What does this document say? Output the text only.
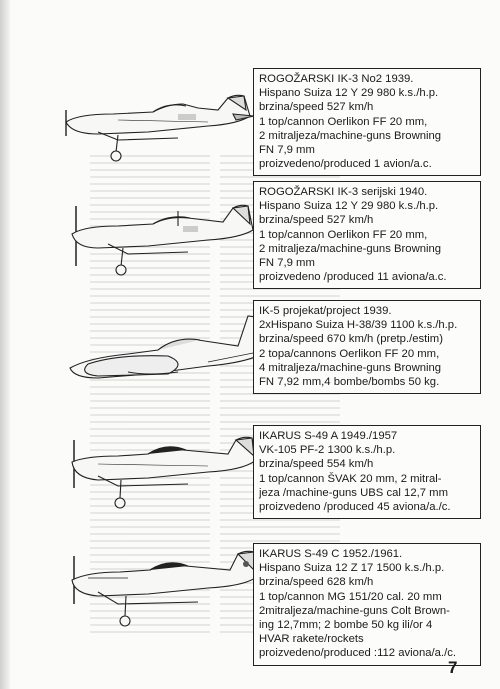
ROGOŽARSKI IK-3 No2 1939.
Hispano Suiza 12 Y 29 980 k.s./h.p.
brzina/speed 527 km/h
1 top/cannon Oerlikon FF 20 mm,
2 mitraljeza/machine-guns Browning
FN 7,9 mm
proizvedeno/produced 1 avion/a.c.
ROGOŽARSKI IK-3 serijski 1940.
Hispano Suiza 12 Y 29 980 k.s./h.p.
brzina/speed 527 km/h
1 top/cannon Oerlikon FF 20 mm,
2 mitraljeza/machine-guns Browning
FN 7,9 mm
proizvedeno /produced 11 aviona/a.c.
IK-5 projekat/project 1939.
2xHispano Suiza H-38/39 1100 k.s./h.p.
brzina/speed 670 km/h (pretp./estim)
2 topa/cannons Oerlikon FF 20 mm,
4 mitraljeza/machine-guns Browning
FN 7,92 mm,4 bombe/bombs 50 kg.
IKARUS S-49 A 1949./1957
VK-105 PF-2 1300 k.s./h.p.
brzina/speed 554 km/h
1 top/cannon ŠVAK 20 mm, 2 mitral-
jeza /machine-guns UBS cal 12,7 mm
proizvedeno /produced 45 aviona/a./c.
IKARUS S-49 C 1952./1961.
Hispano Suiza 12 Z 17 1500 k.s./h.p.
brzina/speed 628 km/h
1 top/cannon MG 151/20 cal. 20 mm
2mitraljeza/machine-guns Colt Brown-
ing 12,7mm; 2 bombe 50 kg ili/or 4
HVAR rakete/rockets
proizvedeno/produced :112 aviona/a./c.
7
